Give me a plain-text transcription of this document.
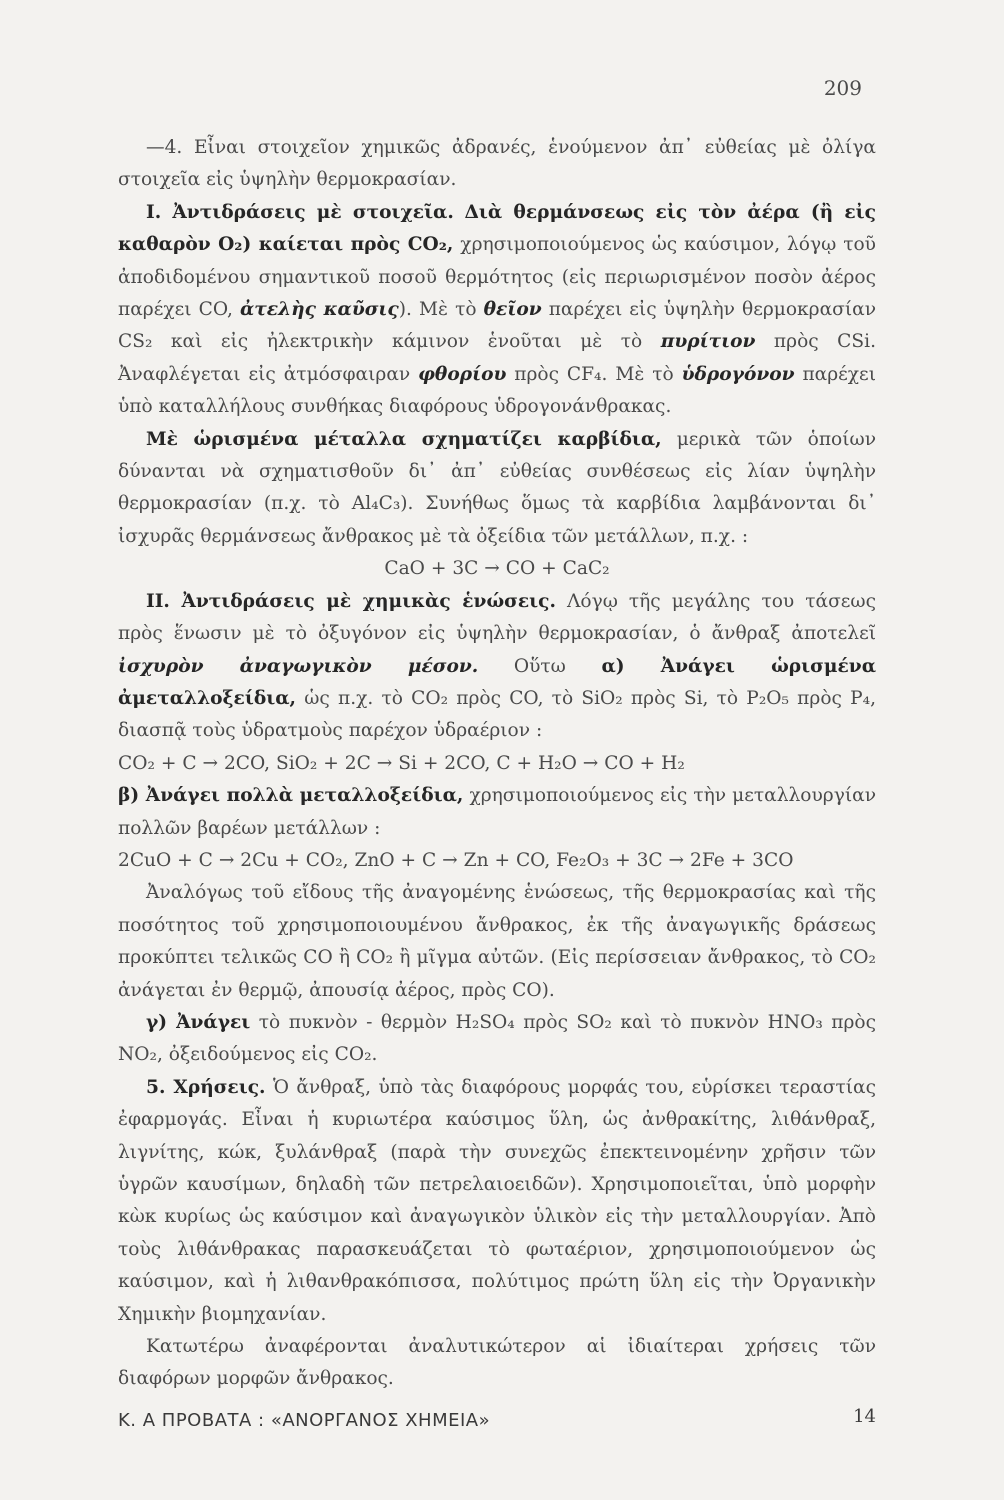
209

—4. Εἶναι στοιχεῖον χημικῶς ἀδρανές, ἑνούμενον ἀπ᾽ εὐθείας μὲ ὀλίγα στοιχεῖα εἰς ὑψηλὴν θερμοκρασίαν.

Ι. Ἀντιδράσεις μὲ στοιχεῖα. Διὰ θερμάνσεως εἰς τὸν ἀέρα (ἢ εἰς καθαρὸν O₂) καίεται πρὸς CO₂, χρησιμοποιούμενος ὡς καύσιμον, λόγῳ τοῦ ἀποδιδομένου σημαντικοῦ ποσοῦ θερμότητος (εἰς περιωρισμένον ποσὸν ἀέρος παρέχει CO, ἀτελὴς καῦσις). Μὲ τὸ θεῖον παρέχει εἰς ὑψηλὴν θερμοκρασίαν CS₂ καὶ εἰς ἠλεκτρικὴν κάμινον ἑνοῦται μὲ τὸ πυρίτιον πρὸς CSi. Ἀναφλέγεται εἰς ἀτμόσφαιραν φθορίου πρὸς CF₄. Μὲ τὸ ὑδρογόνον παρέχει ὑπὸ καταλλήλους συνθήκας διαφόρους ὑδρογονάνθρακας.

Μὲ ὡρισμένα μέταλλα σχηματίζει καρβίδια, μερικὰ τῶν ὁποίων δύνανται νὰ σχηματισθοῦν δι᾽ ἀπ᾽ εὐθείας συνθέσεως εἰς λίαν ὑψηλὴν θερμοκρασίαν (π.χ. τὸ Al₄C₃). Συνήθως ὅμως τὰ καρβίδια λαμβάνονται δι᾽ ἰσχυρᾶς θερμάνσεως ἄνθρακος μὲ τὰ ὀξείδια τῶν μετάλλων, π.χ. :

CaO + 3C → CO + CaC₂

ΙΙ. Ἀντιδράσεις μὲ χημικὰς ἑνώσεις. Λόγῳ τῆς μεγάλης του τάσεως πρὸς ἕνωσιν μὲ τὸ ὀξυγόνον εἰς ὑψηλὴν θερμοκρασίαν, ὁ ἄνθραξ ἀποτελεῖ ἰσχυρὸν ἀναγωγικὸν μέσον. Οὕτω α) Ἀνάγει ὡρισμένα ἀμεταλλοξείδια, ὡς π.χ. τὸ CO₂ πρὸς CO, τὸ SiO₂ πρὸς Si, τὸ P₂O₅ πρὸς P₄, διασπᾷ τοὺς ὑδρατμοὺς παρέχον ὑδραέριον :

CO₂ + C → 2CO, SiO₂ + 2C → Si + 2CO, C + H₂O → CO + H₂

β) Ἀνάγει πολλὰ μεταλλοξείδια, χρησιμοποιούμενος εἰς τὴν μεταλλουργίαν πολλῶν βαρέων μετάλλων :

2CuO + C → 2Cu + CO₂, ZnO + C → Zn + CO, Fe₂O₃ + 3C → 2Fe + 3CO

Ἀναλόγως τοῦ εἴδους τῆς ἀναγομένης ἑνώσεως, τῆς θερμοκρασίας καὶ τῆς ποσότητος τοῦ χρησιμοποιουμένου ἄνθρακος, ἐκ τῆς ἀναγωγικῆς δράσεως προκύπτει τελικῶς CO ἢ CO₂ ἢ μῖγμα αὐτῶν. (Εἰς περίσσειαν ἄνθρακος, τὸ CO₂ ἀνάγεται ἐν θερμῷ, ἀπουσίᾳ ἀέρος, πρὸς CO).

γ) Ἀνάγει τὸ πυκνὸν - θερμὸν H₂SO₄ πρὸς SO₂ καὶ τὸ πυκνὸν HNO₃ πρὸς NO₂, ὀξειδούμενος εἰς CO₂.

5. Χρήσεις. Ὁ ἄνθραξ, ὑπὸ τὰς διαφόρους μορφάς του, εὑρίσκει τεραστίας ἐφαρμογάς. Εἶναι ἡ κυριωτέρα καύσιμος ὕλη, ὡς ἀνθρακίτης, λιθάνθραξ, λιγνίτης, κώκ, ξυλάνθραξ (παρὰ τὴν συνεχῶς ἐπεκτεινομένην χρῆσιν τῶν ὑγρῶν καυσίμων, δηλαδὴ τῶν πετρελαιοειδῶν). Χρησιμοποιεῖται, ὑπὸ μορφὴν κὼκ κυρίως ὡς καύσιμον καὶ ἀναγωγικὸν ὑλικὸν εἰς τὴν μεταλλουργίαν. Ἀπὸ τοὺς λιθάνθρακας παρασκευάζεται τὸ φωταέριον, χρησιμοποιούμενον ὡς καύσιμον, καὶ ἡ λιθανθρακόπισσα, πολύτιμος πρώτη ὕλη εἰς τὴν Ὀργανικὴν Χημικὴν βιομηχανίαν.

Κατωτέρω ἀναφέρονται ἀναλυτικώτερον αἱ ἰδιαίτεραι χρήσεις τῶν διαφόρων μορφῶν ἄνθρακος.

Κ. Α ΠΡΟΒΑΤΑ : «ΑΝΟΡΓΑΝΟΣ ΧΗΜΕΙΑ»	14
